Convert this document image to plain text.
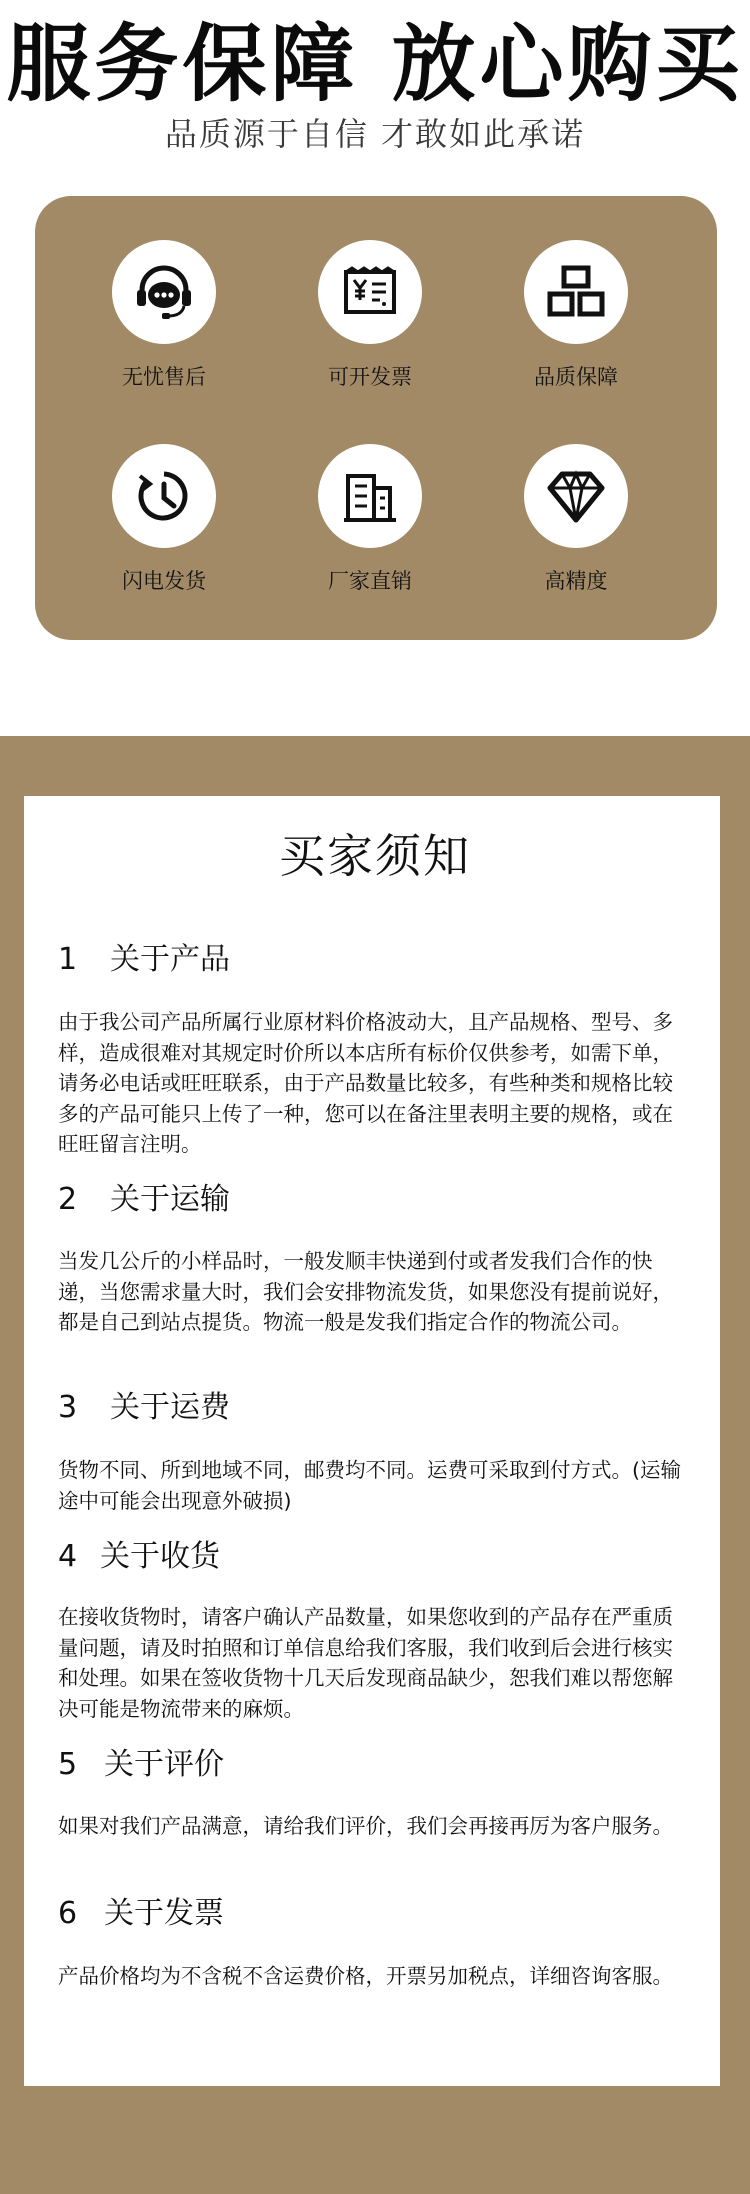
服务保障 放心购买
品质源于自信 才敢如此承诺
无忧售后	可开发票	品质保障
闪电发货	厂家直销	高精度
买家须知
1 关于产品
由于我公司产品所属行业原材料价格波动大，且产品规格、型号、多样，造成很难对其规定时价所以本店所有标价仅供参考，如需下单，请务必电话或旺旺联系，由于产品数量比较多，有些种类和规格比较多的产品可能只上传了一种，您可以在备注里表明主要的规格，或在旺旺留言注明。
2 关于运输
当发几公斤的小样品时，一般发顺丰快递到付或者发我们合作的快递，当您需求量大时，我们会安排物流发货，如果您没有提前说好，都是自己到站点提货。物流一般是发我们指定合作的物流公司。
3 关于运费
货物不同、所到地域不同，邮费均不同。运费可采取到付方式。(运输途中可能会出现意外破损)
4 关于收货
在接收货物时，请客户确认产品数量，如果您收到的产品存在严重质量问题，请及时拍照和订单信息给我们客服，我们收到后会进行核实和处理。如果在签收货物十几天后发现商品缺少，恕我们难以帮您解决可能是物流带来的麻烦。
5 关于评价
如果对我们产品满意，请给我们评价，我们会再接再厉为客户服务。
6 关于发票
产品价格均为不含税不含运费价格，开票另加税点，详细咨询客服。
